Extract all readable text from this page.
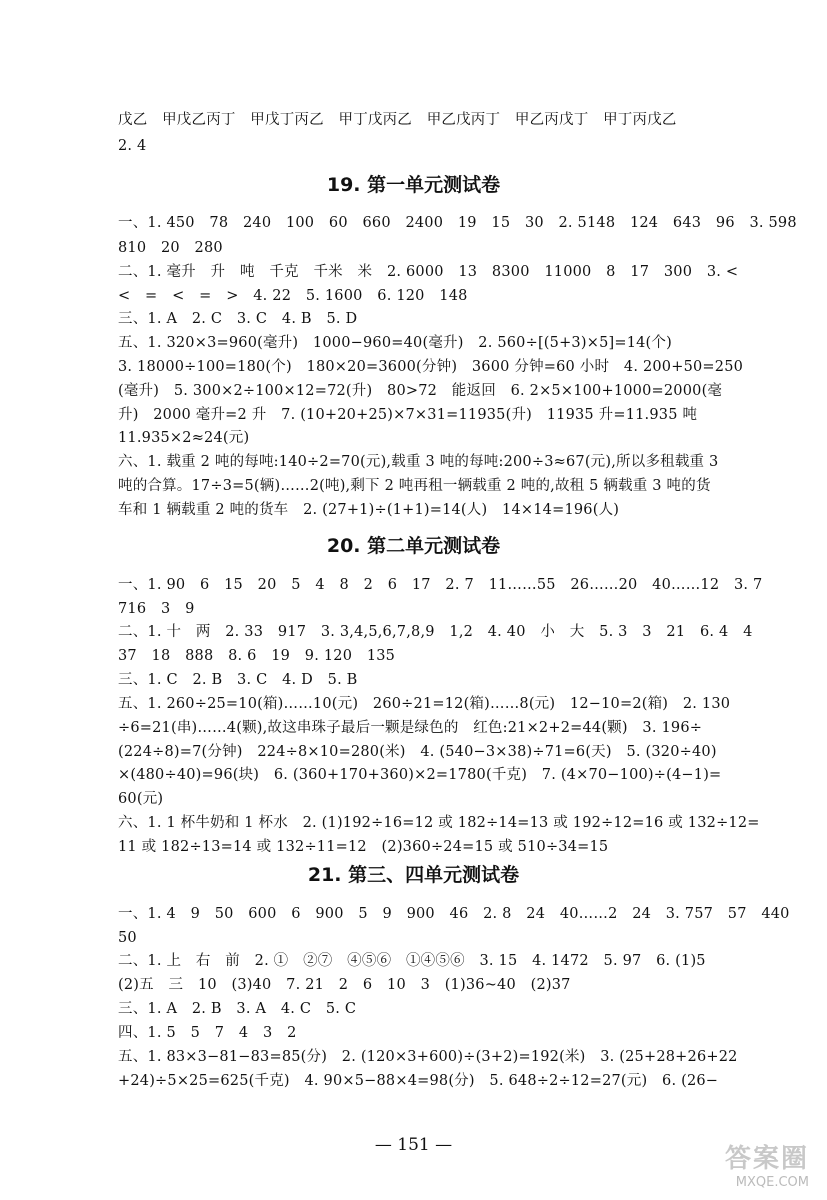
戊乙　甲戊乙丙丁　甲戊丁丙乙　甲丁戊丙乙　甲乙戊丙丁　甲乙丙戊丁　甲丁丙戊乙
2. 4
19. 第一单元测试卷
一、1. 450　78　240　100　60　660　2400　19　15　30　2. 5148　124　643　96　3. 598
810　20　280
二、1. 毫升　升　吨　千克　千米　米　2. 6000　13　8300　11000　8　17　300　3. <
<　=　<　=　>　4. 22　5. 1600　6. 120　148
三、1. A　2. C　3. C　4. B　5. D
五、1. 320×3=960(毫升)　1000−960=40(毫升)　2. 560÷[(5+3)×5]=14(个)
3. 18000÷100=180(个)　180×20=3600(分钟)　3600 分钟=60 小时　4. 200+50=250
(毫升)　5. 300×2÷100×12=72(升)　80>72　能返回　6. 2×5×100+1000=2000(毫
升)　2000 毫升=2 升　7. (10+20+25)×7×31=11935(升)　11935 升=11.935 吨
11.935×2≈24(元)
六、1. 载重 2 吨的每吨:140÷2=70(元),载重 3 吨的每吨:200÷3≈67(元),所以多租载重 3
吨的合算。17÷3=5(辆)……2(吨),剩下 2 吨再租一辆载重 2 吨的,故租 5 辆载重 3 吨的货
车和 1 辆载重 2 吨的货车　2. (27+1)÷(1+1)=14(人)　14×14=196(人)
20. 第二单元测试卷
一、1. 90　6　15　20　5　4　8　2　6　17　2. 7　11……55　26……20　40……12　3. 7
716　3　9
二、1. 十　两　2. 33　917　3. 3,4,5,6,7,8,9　1,2　4. 40　小　大　5. 3　3　21　6. 4　4
37　18　888　8. 6　19　9. 120　135
三、1. C　2. B　3. C　4. D　5. B
五、1. 260÷25=10(箱)……10(元)　260÷21=12(箱)……8(元)　12−10=2(箱)　2. 130
÷6=21(串)……4(颗),故这串珠子最后一颗是绿色的　红色:21×2+2=44(颗)　3. 196÷
(224÷8)=7(分钟)　224÷8×10=280(米)　4. (540−3×38)÷71=6(天)　5. (320÷40)
×(480÷40)=96(块)　6. (360+170+360)×2=1780(千克)　7. (4×70−100)÷(4−1)=
60(元)
六、1. 1 杯牛奶和 1 杯水　2. (1)192÷16=12 或 182÷14=13 或 192÷12=16 或 132÷12=
11 或 182÷13=14 或 132÷11=12　(2)360÷24=15 或 510÷34=15
21. 第三、四单元测试卷
一、1. 4　9　50　600　6　900　5　9　900　46　2. 8　24　40……2　24　3. 757　57　440
50
二、1. 上　右　前　2. ①　②⑦　④⑤⑥　①④⑤⑥　3. 15　4. 1472　5. 97　6. (1)5
(2)五　三　10　(3)40　7. 21　2　6　10　3　(1)36~40　(2)37
三、1. A　2. B　3. A　4. C　5. C
四、1. 5　5　7　4　3　2
五、1. 83×3−81−83=85(分)　2. (120×3+600)÷(3+2)=192(米)　3. (25+28+26+22
+24)÷5×25=625(千克)　4. 90×5−88×4=98(分)　5. 648÷2÷12=27(元)　6. (26−
— 151 —	答案圈
MXQE.COM
